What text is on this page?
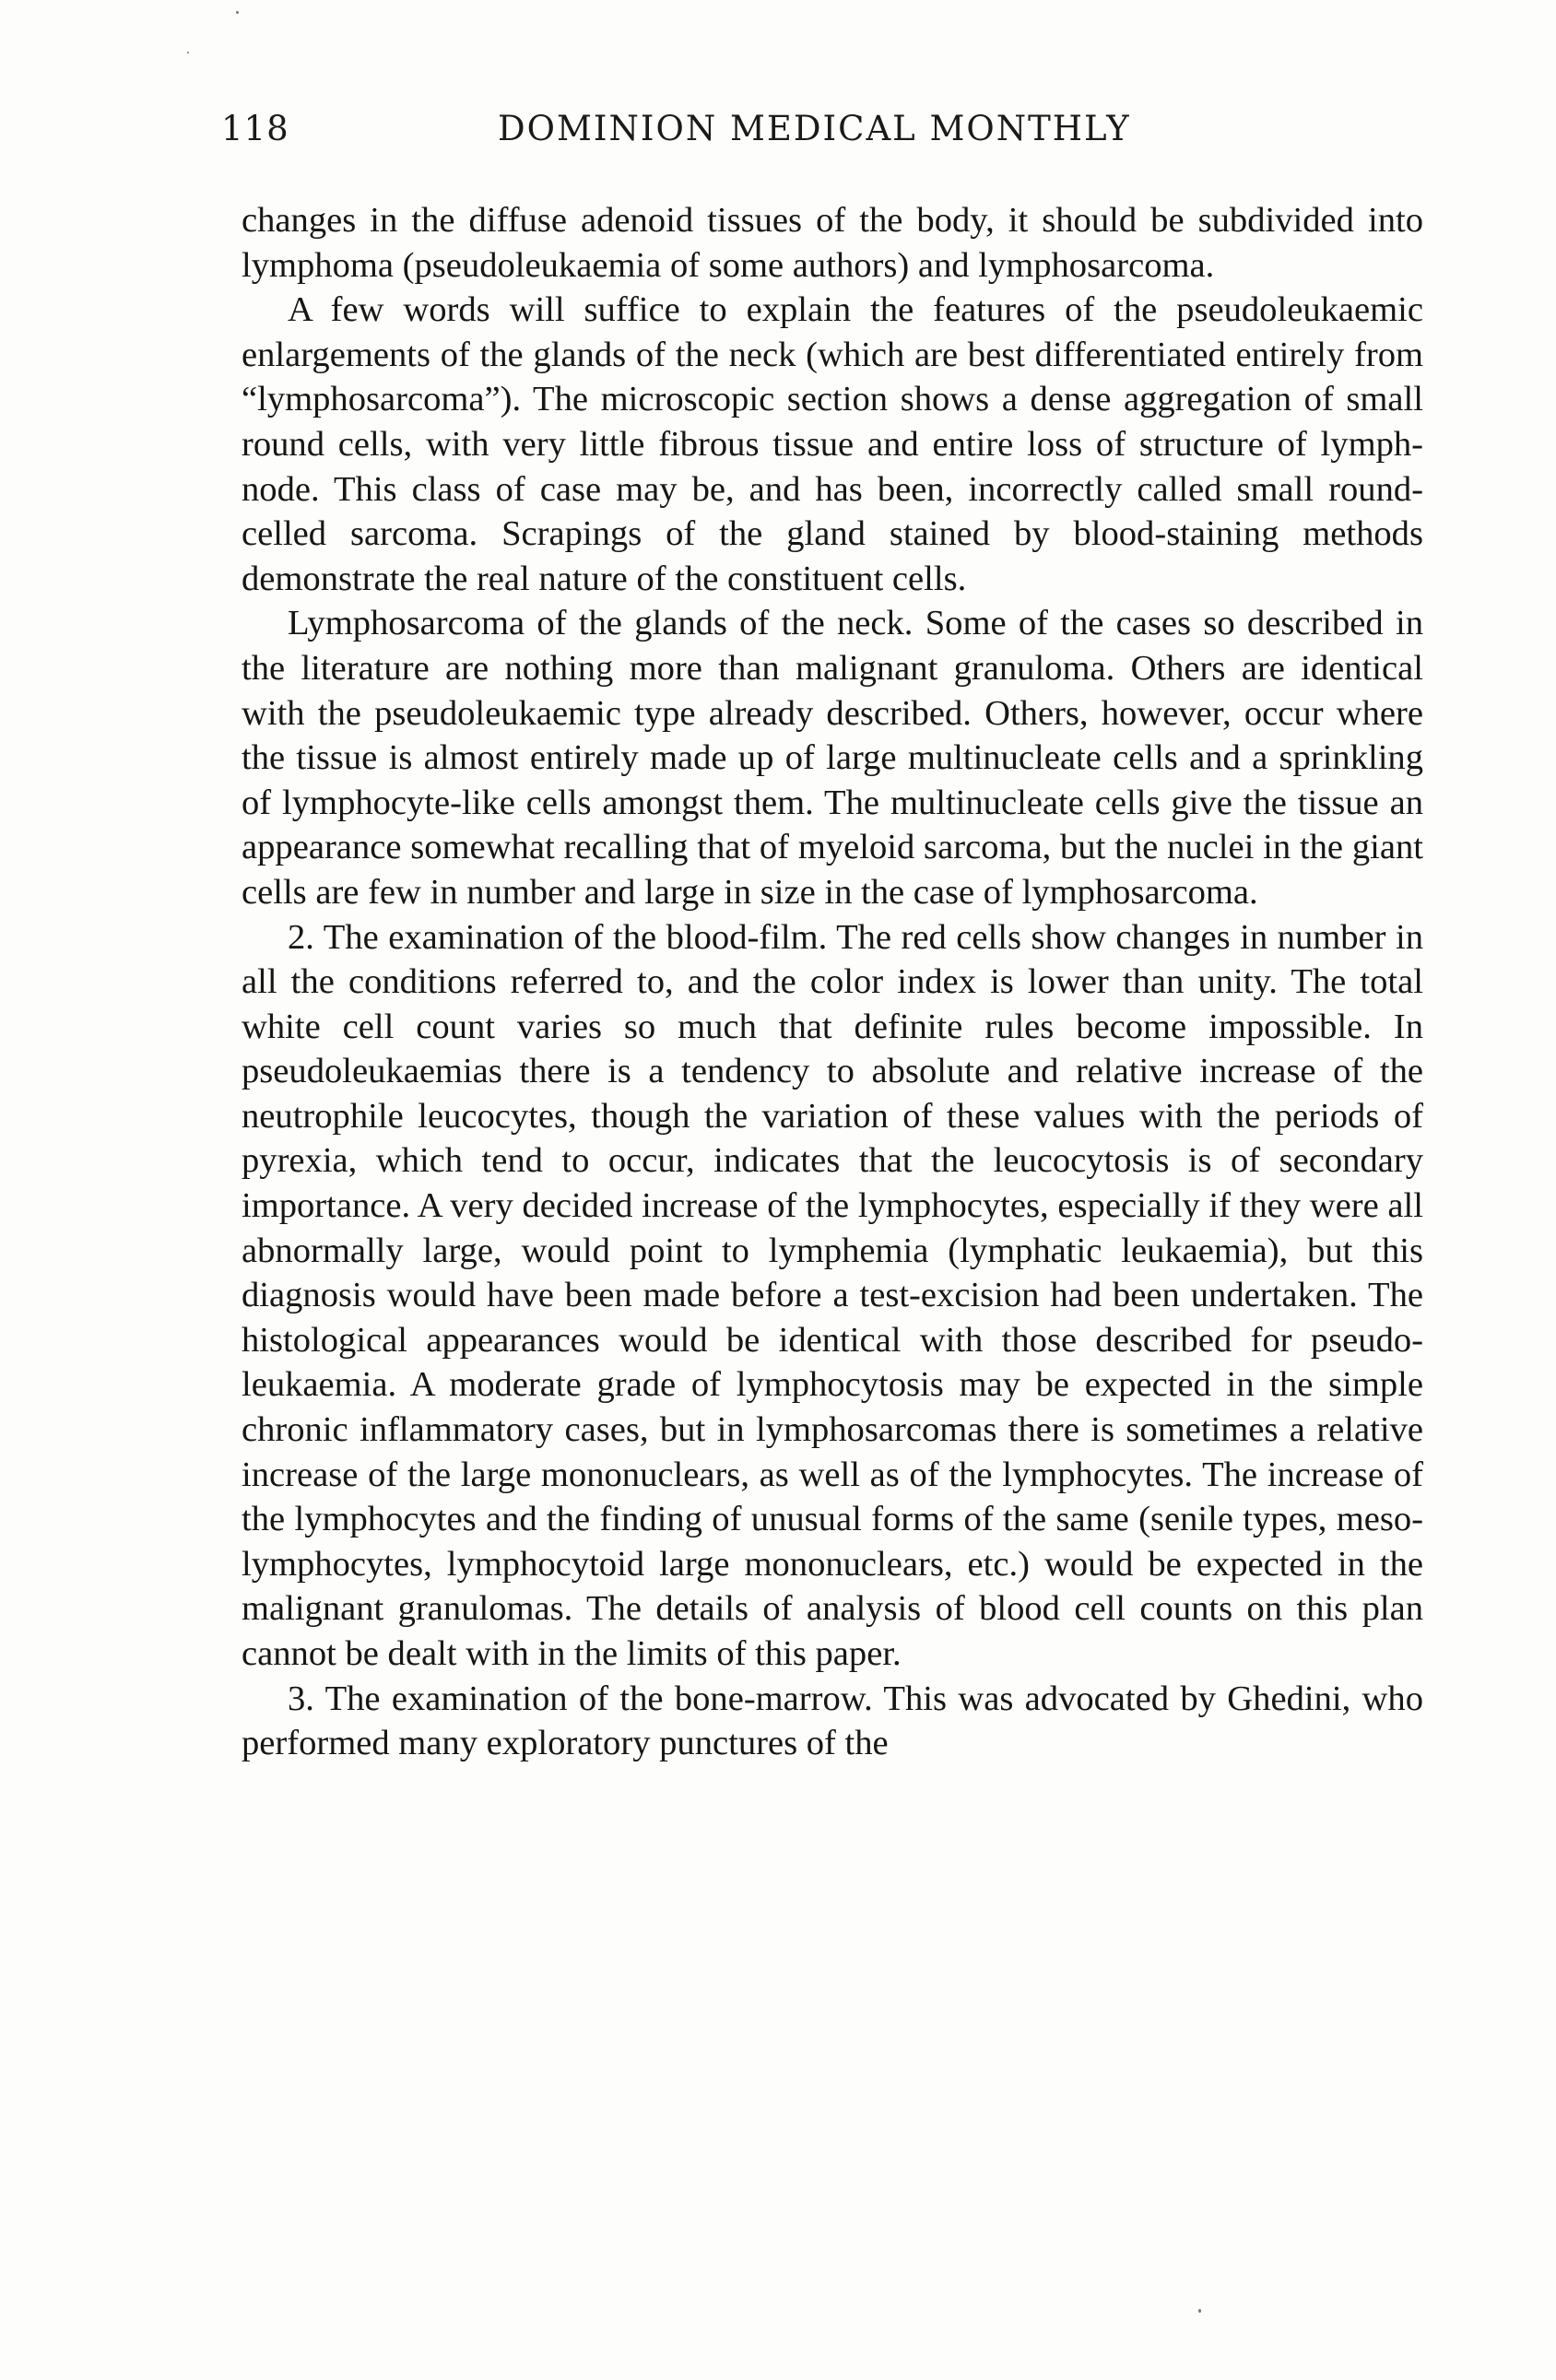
118	DOMINION MEDICAL MONTHLY

changes in the diffuse adenoid tissues of the body, it should be subdivided into lymphoma (pseudoleukaemia of some authors) and lymphosarcoma.

A few words will suffice to explain the features of the pseudoleukaemic enlargements of the glands of the neck (which are best differentiated entirely from “lymphosarcoma”). The microscopic section shows a dense aggregation of small round cells, with very little fibrous tissue and entire loss of structure of lymph-node. This class of case may be, and has been, incorrectly called small round-celled sarcoma. Scrapings of the gland stained by blood-staining methods demonstrate the real nature of the constituent cells.

Lymphosarcoma of the glands of the neck. Some of the cases so described in the literature are nothing more than malignant granuloma. Others are identical with the pseudoleukaemic type already described. Others, however, occur where the tissue is almost entirely made up of large multinucleate cells and a sprinkling of lymphocyte-like cells amongst them. The multinucleate cells give the tissue an appearance somewhat recalling that of myeloid sarcoma, but the nuclei in the giant cells are few in number and large in size in the case of lymphosarcoma.

2. The examination of the blood-film. The red cells show changes in number in all the conditions referred to, and the color index is lower than unity. The total white cell count varies so much that definite rules become impossible. In pseudoleukaemias there is a tendency to absolute and relative increase of the neutrophile leucocytes, though the variation of these values with the periods of pyrexia, which tend to occur, indicates that the leucocytosis is of secondary importance. A very decided increase of the lymphocytes, especially if they were all abnormally large, would point to lymphemia (lymphatic leukaemia), but this diagnosis would have been made before a test-excision had been undertaken. The histological appearances would be identical with those described for pseudo-leukaemia. A moderate grade of lymphocytosis may be expected in the simple chronic inflammatory cases, but in lymphosarcomas there is sometimes a relative increase of the large mononuclears, as well as of the lymphocytes. The increase of the lymphocytes and the finding of unusual forms of the same (senile types, meso-lymphocytes, lymphocytoid large mononuclears, etc.) would be expected in the malignant granulomas. The details of analysis of blood cell counts on this plan cannot be dealt with in the limits of this paper.

3. The examination of the bone-marrow. This was advocated by Ghedini, who performed many exploratory punctures of the
